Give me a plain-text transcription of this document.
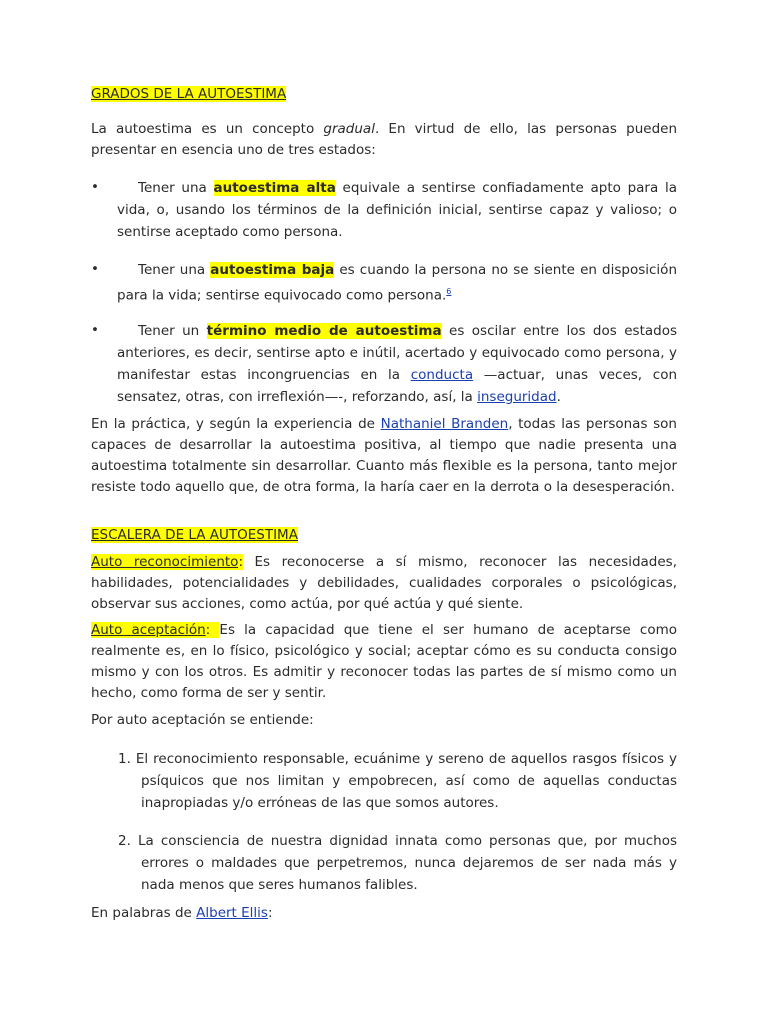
GRADOS DE LA AUTOESTIMA
La autoestima es un concepto gradual. En virtud de ello, las personas pueden presentar en esencia uno de tres estados:
•	Tener una autoestima alta equivale a sentirse confiadamente apto para la vida, o, usando los términos de la definición inicial, sentirse capaz y valioso; o sentirse aceptado como persona.
•	Tener una autoestima baja es cuando la persona no se siente en disposición para la vida; sentirse equivocado como persona.$^6$
•	Tener un término medio de autoestima es oscilar entre los dos estados anteriores, es decir, sentirse apto e inútil, acertado y equivocado como persona, y manifestar estas incongruencias en la conducta —actuar, unas veces, con sensatez, otras, con irreflexión—-, reforzando, así, la inseguridad.
En la práctica, y según la experiencia de Nathaniel Branden, todas las personas son capaces de desarrollar la autoestima positiva, al tiempo que nadie presenta una autoestima totalmente sin desarrollar. Cuanto más flexible es la persona, tanto mejor resiste todo aquello que, de otra forma, la haría caer en la derrota o la desesperación.
ESCALERA DE LA AUTOESTIMA
Auto reconocimiento: Es reconocerse a sí mismo, reconocer las necesidades, habilidades, potencialidades y debilidades, cualidades corporales o psicológicas, observar sus acciones, como actúa, por qué actúa y qué siente.
Auto aceptación: Es la capacidad que tiene el ser humano de aceptarse como realmente es, en lo físico, psicológico y social; aceptar cómo es su conducta consigo mismo y con los otros. Es admitir y reconocer todas las partes de sí mismo como un hecho, como forma de ser y sentir.
Por auto aceptación se entiende:
1. El reconocimiento responsable, ecuánime y sereno de aquellos rasgos físicos y psíquicos que nos limitan y empobrecen, así como de aquellas conductas inapropiadas y/o erróneas de las que somos autores.
2. La consciencia de nuestra dignidad innata como personas que, por muchos errores o maldades que perpetremos, nunca dejaremos de ser nada más y nada menos que seres humanos falibles.
En palabras de Albert Ellis:
